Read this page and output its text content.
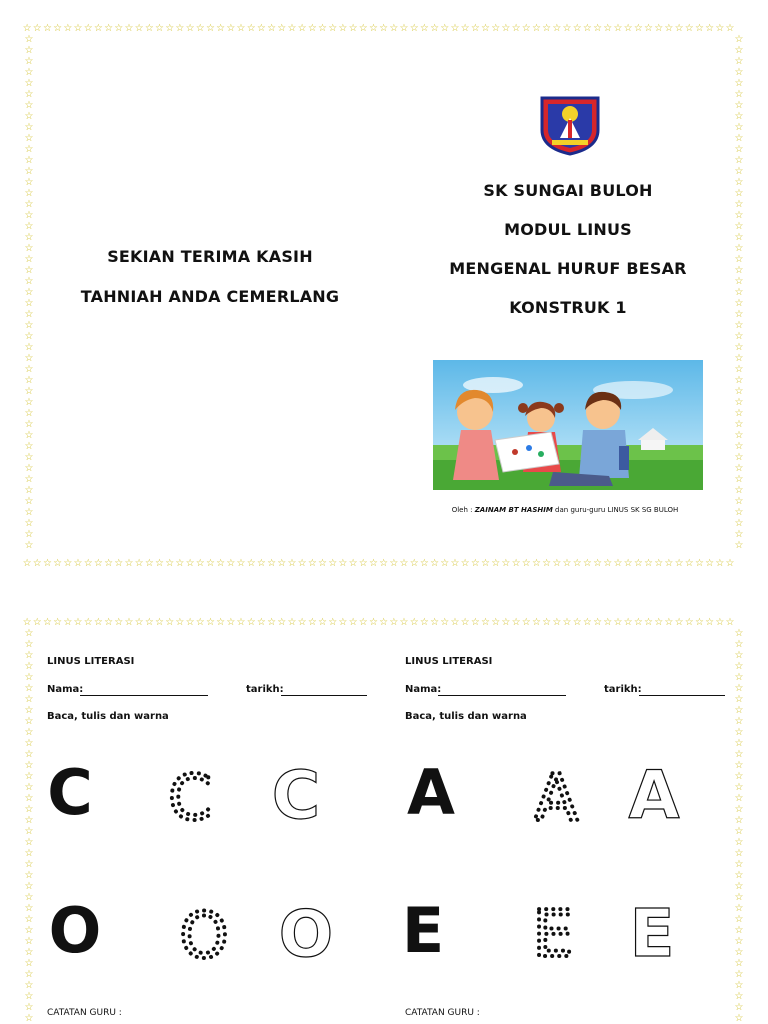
☆☆☆☆☆☆☆☆☆☆☆☆☆☆☆☆☆☆☆☆☆☆☆☆☆☆☆☆☆☆☆☆☆☆☆☆☆☆☆☆☆☆☆☆☆☆☆☆☆☆☆☆☆☆☆☆☆☆☆☆☆☆☆☆☆☆☆☆☆☆
☆☆☆☆☆☆☆☆☆☆☆☆☆☆☆☆☆☆☆☆☆☆☆☆☆☆☆☆☆☆☆☆☆☆☆☆☆☆☆☆☆☆☆☆☆☆☆☆☆☆☆☆☆☆☆☆☆☆☆☆☆☆☆☆☆☆☆☆☆☆
☆
☆
☆
☆
☆
☆
☆
☆
☆
☆
☆
☆
☆
☆
☆
☆
☆
☆
☆
☆
☆
☆
☆
☆
☆
☆
☆
☆
☆
☆
☆
☆
☆
☆
☆
☆
☆
☆
☆
☆
☆
☆
☆
☆
☆
☆
☆
☆
☆
☆
☆
☆
☆
☆
☆
☆
☆
☆
☆
☆
☆
☆
☆
☆
☆
☆
☆
☆
☆
☆
☆
☆
☆
☆
☆
☆
☆
☆
☆
☆
☆
☆
☆
☆
☆
☆
☆
☆
☆
☆
☆
☆
☆
☆
SEKIAN TERIMA KASIH
TAHNIAH ANDA CEMERLANG
SK SUNGAI BULOH
MODUL LINUS
MENGENAL HURUF BESAR
KONSTRUK 1
Oleh : ZAINAM BT HASHIM dan guru-guru LINUS SK SG BULOH
☆☆☆☆☆☆☆☆☆☆☆☆☆☆☆☆☆☆☆☆☆☆☆☆☆☆☆☆☆☆☆☆☆☆☆☆☆☆☆☆☆☆☆☆☆☆☆☆☆☆☆☆☆☆☆☆☆☆☆☆☆☆☆☆☆☆☆☆☆☆
☆
☆
☆
☆
☆
☆
☆
☆
☆
☆
☆
☆
☆
☆
☆
☆
☆
☆
☆
☆
☆
☆
☆
☆
☆
☆
☆
☆
☆
☆
☆
☆
☆
☆
☆
☆
☆
☆
☆
☆
☆
☆
☆
☆
☆
☆
☆
☆
☆
☆
☆
☆
☆
☆
☆
☆
☆
☆
☆
☆
☆
☆
☆
☆
☆
☆
☆
☆
☆
☆
☆
☆
LINUS LITERASI
Nama:	tarikh:
Baca, tulis dan warna
C C C
O O O
CATATAN GURU :
LINUS LITERASI
Nama:	tarikh:
Baca, tulis dan warna
A A A
E E E
CATATAN GURU :
